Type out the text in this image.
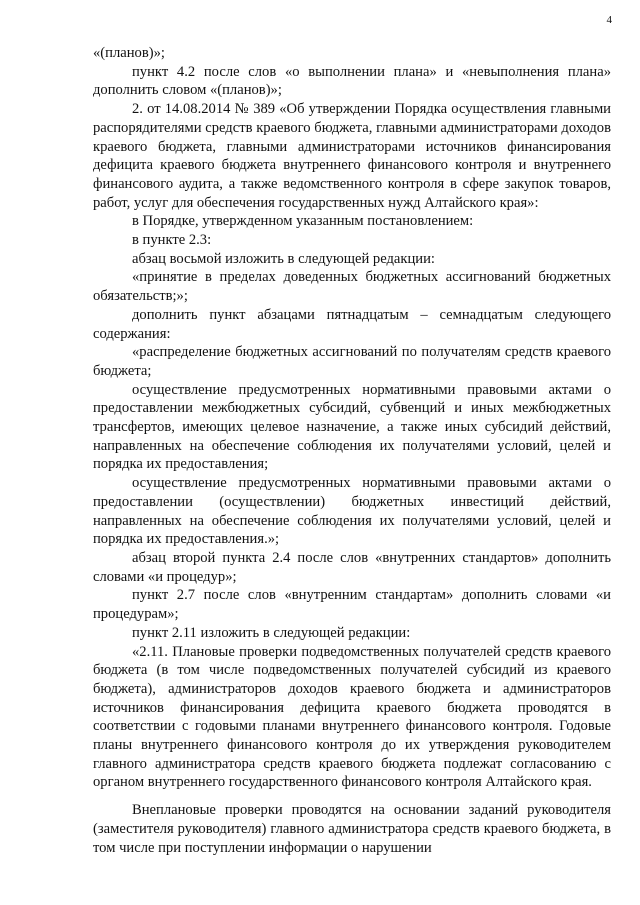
4

«(планов)»;

пункт 4.2 после слов «о выполнении плана» и «невыполнения плана» дополнить словом «(планов)»;

2. от 14.08.2014 № 389 «Об утверждении Порядка осуществления главными распорядителями средств краевого бюджета, главными администраторами доходов краевого бюджета, главными администраторами источников финансирования дефицита краевого бюджета внутреннего финансового контроля и внутреннего финансового аудита, а также ведомственного контроля в сфере закупок товаров, работ, услуг для обеспечения государственных нужд Алтайского края»:

в Порядке, утвержденном указанным постановлением:

в пункте 2.3:

абзац восьмой изложить в следующей редакции:

«принятие в пределах доведенных бюджетных ассигнований бюджетных обязательств;»;

дополнить пункт абзацами пятнадцатым – семнадцатым следующего содержания:

«распределение бюджетных ассигнований по получателям средств краевого бюджета;

осуществление предусмотренных нормативными правовыми актами о предоставлении межбюджетных субсидий, субвенций и иных межбюджетных трансфертов, имеющих целевое назначение, а также иных субсидий действий, направленных на обеспечение соблюдения их получателями условий, целей и порядка их предоставления;

осуществление предусмотренных нормативными правовыми актами о предоставлении (осуществлении) бюджетных инвестиций действий, направленных на обеспечение соблюдения их получателями условий, целей и порядка их предоставления.»;

абзац второй пункта 2.4 после слов «внутренних стандартов» дополнить словами «и процедур»;

пункт 2.7 после слов «внутренним стандартам» дополнить словами «и процедурам»;

пункт 2.11 изложить в следующей редакции:

«2.11. Плановые проверки подведомственных получателей средств краевого бюджета (в том числе подведомственных получателей субсидий из краевого бюджета), администраторов доходов краевого бюджета и администраторов источников финансирования дефицита краевого бюджета проводятся в соответствии с годовыми планами внутреннего финансового контроля. Годовые планы внутреннего финансового контроля до их утверждения руководителем главного администратора средств краевого бюджета подлежат согласованию с органом внутреннего государственного финансового контроля Алтайского края.

Внеплановые проверки проводятся на основании заданий руководителя (заместителя руководителя) главного администратора средств краевого бюджета, в том числе при поступлении информации о нарушении
